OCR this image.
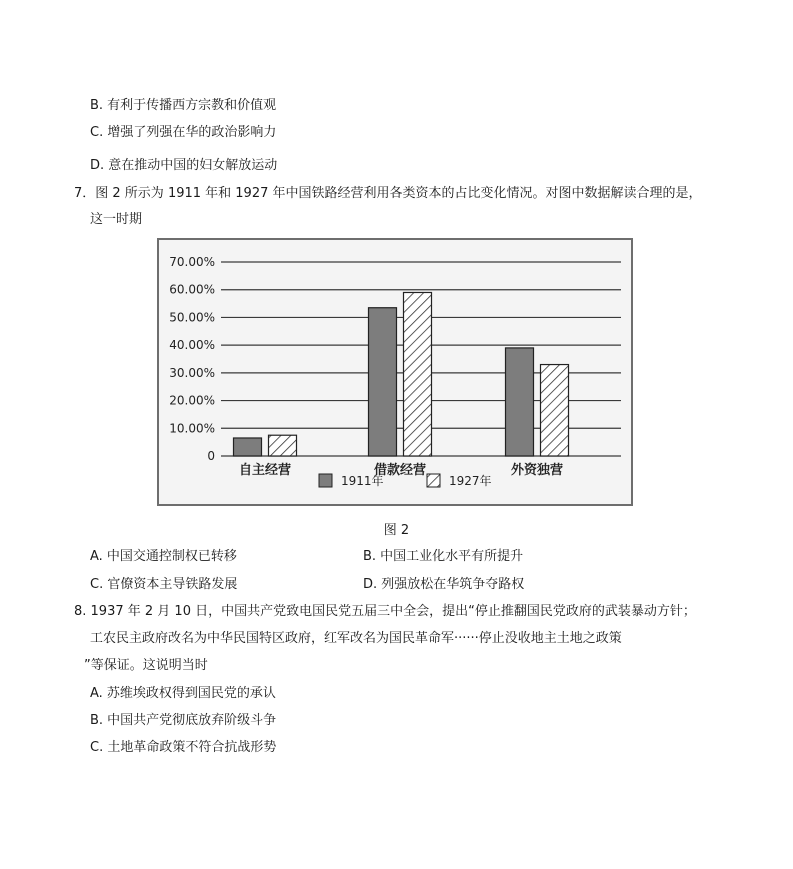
B. 有利于传播西方宗教和价值观
C. 增强了列强在华的政治影响力
D. 意在推动中国的妇女解放运动
7．图 2 所示为 1911 年和 1927 年中国铁路经营利用各类资本的占比变化情况。对图中数据解读合理的是，
这一时期
0
10.00%
20.00%
30.00%
40.00%
50.00%
60.00%
70.00%
自主经营	借款经营	外资独营
1911年	1927年
图 2
A. 中国交通控制权已转移	B. 中国工业化水平有所提升
C. 官僚资本主导铁路发展	D. 列强放松在华筑争夺路权
8. 1937 年 2 月 10 日，中国共产党致电国民党五届三中全会，提出“停止推翻国民党政府的武装暴动方针；
工农民主政府改名为中华民国特区政府，红军改名为国民革命军······停止没收地主土地之政策
”等保证。这说明当时
A. 苏维埃政权得到国民党的承认
B. 中国共产党彻底放弃阶级斗争
C. 土地革命政策不符合抗战形势
